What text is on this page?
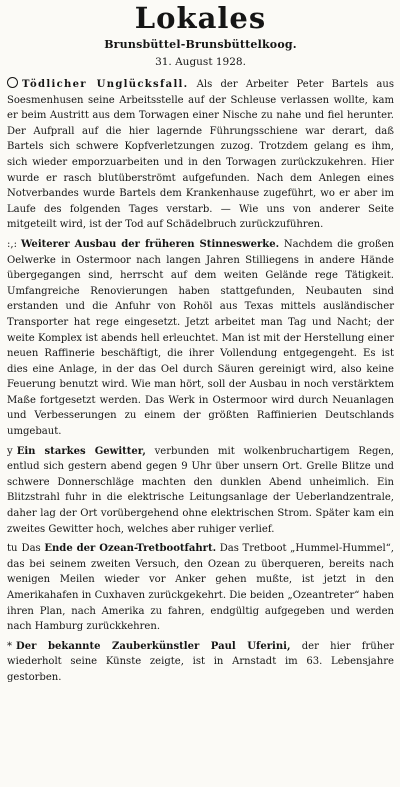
Lokales
Brunsbüttel-Brunsbüttelkoog.
31. August 1928.

Tödlicher Unglücksfall. Als der Arbeiter Peter Bartels aus Soesmenhusen seine Arbeitsstelle auf der Schleuse verlassen wollte, kam er beim Austritt aus dem Torwagen einer Nische zu nahe und fiel herunter. Der Aufprall auf die hier lagernde Führungsschiene war derart, daß Bartels sich schwere Kopfverletzungen zuzog. Trotzdem gelang es ihm, sich wieder emporzuarbeiten und in den Torwagen zurückzukehren. Hier wurde er rasch blutüberströmt aufgefunden. Nach dem Anlegen eines Notverbandes wurde Bartels dem Krankenhause zugeführt, wo er aber im Laufe des folgenden Tages verstarb. — Wie uns von anderer Seite mitgeteilt wird, ist der Tod auf Schädelbruch zurückzuführen.

:,: Weiterer Ausbau der früheren Stinneswerke. Nachdem die großen Oelwerke in Ostermoor nach langen Jahren Stilliegens in andere Hände übergegangen sind, herrscht auf dem weiten Gelände rege Tätigkeit. Umfangreiche Renovierungen haben stattgefunden, Neubauten sind erstanden und die Anfuhr von Rohöl aus Texas mittels ausländischer Transporter hat rege eingesetzt. Jetzt arbeitet man Tag und Nacht; der weite Komplex ist abends hell erleuchtet. Man ist mit der Herstellung einer neuen Raffinerie beschäftigt, die ihrer Vollendung entgegengeht. Es ist dies eine Anlage, in der das Oel durch Säuren gereinigt wird, also keine Feuerung benutzt wird. Wie man hört, soll der Ausbau in noch verstärktem Maße fortgesetzt werden. Das Werk in Ostermoor wird durch Neuanlagen und Verbesserungen zu einem der größten Raffinierien Deutschlands umgebaut.

y Ein starkes Gewitter, verbunden mit wolkenbruchartigem Regen, entlud sich gestern abend gegen 9 Uhr über unsern Ort. Grelle Blitze und schwere Donnerschläge machten den dunklen Abend unheimlich. Ein Blitzstrahl fuhr in die elektrische Leitungsanlage der Ueberlandzentrale, daher lag der Ort vorübergehend ohne elektrischen Strom. Später kam ein zweites Gewitter hoch, welches aber ruhiger verlief.

tu Das Ende der Ozean-Tretbootfahrt. Das Tretboot „Hummel-Hummel“, das bei seinem zweiten Versuch, den Ozean zu überqueren, bereits nach wenigen Meilen wieder vor Anker gehen mußte, ist jetzt in den Amerikahafen in Cuxhaven zurückgekehrt. Die beiden „Ozeantreter“ haben ihren Plan, nach Amerika zu fahren, endgültig aufgegeben und werden nach Hamburg zurückkehren.

* Der bekannte Zauberkünstler Paul Uferini, der hier früher wiederholt seine Künste zeigte, ist in Arnstadt im 63. Lebensjahre gestorben.
